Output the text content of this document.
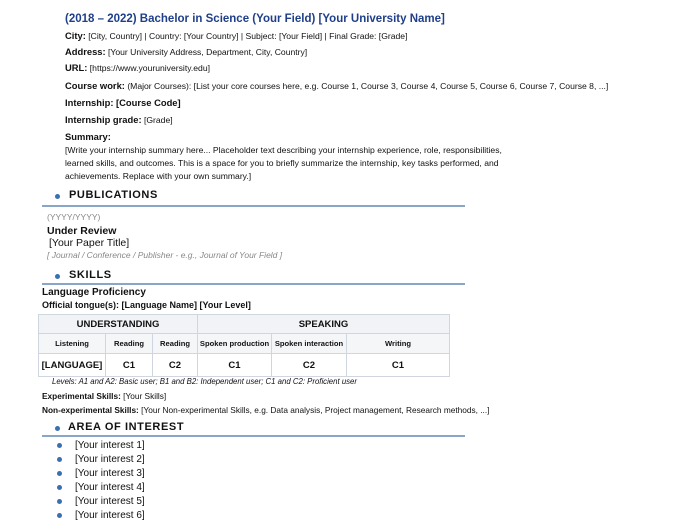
(2018 – 2022) Bachelor in Science (Your Field) [Your University Name]
City: [City, Country] | Country: [Your Country] | Subject: [Your Field] | Final Grade: [Grade]
Address: [Your University Address, Department, City, Country]
URL: [https://www.youruniversity.edu]
Course work: (Major Courses): [List your core courses here, e.g. Course 1, Course 3, Course 4, Course 5, Course 6, Course 7, Course 8, ...]
Internship: [Course Code]
Internship grade: [Grade]
Summary:
[Write your internship summary here... Placeholder text describing your internship experience, role, responsibilities,
learned skills, and outcomes. This is a space for you to briefly summarize the internship, key tasks performed, and
achievements. Replace with your own summary.]
PUBLICATIONS
(YYYY/YYYY)
Under Review
[Your Paper Title]
[ Journal / Conference / Publisher - e.g., Journal of Your Field ]
SKILLS
Language Proficiency
Official tongue(s): [Language Name] [Your Level]
UNDERSTANDING			SPEAKING		
Listening	Reading	Reading	Spoken production	Spoken interaction	Writing
[LANGUAGE]	C1	C2	C1	C2	C1
Levels: A1 and A2: Basic user; B1 and B2: Independent user; C1 and C2: Proficient user
Experimental Skills: [Your Skills]
Non-experimental Skills: [Your Non-experimental Skills, e.g. Data analysis, Project management, Research methods, ...]
AREA OF INTEREST
[Your interest 1]
[Your interest 2]
[Your interest 3]
[Your interest 4]
[Your interest 5]
[Your interest 6]
